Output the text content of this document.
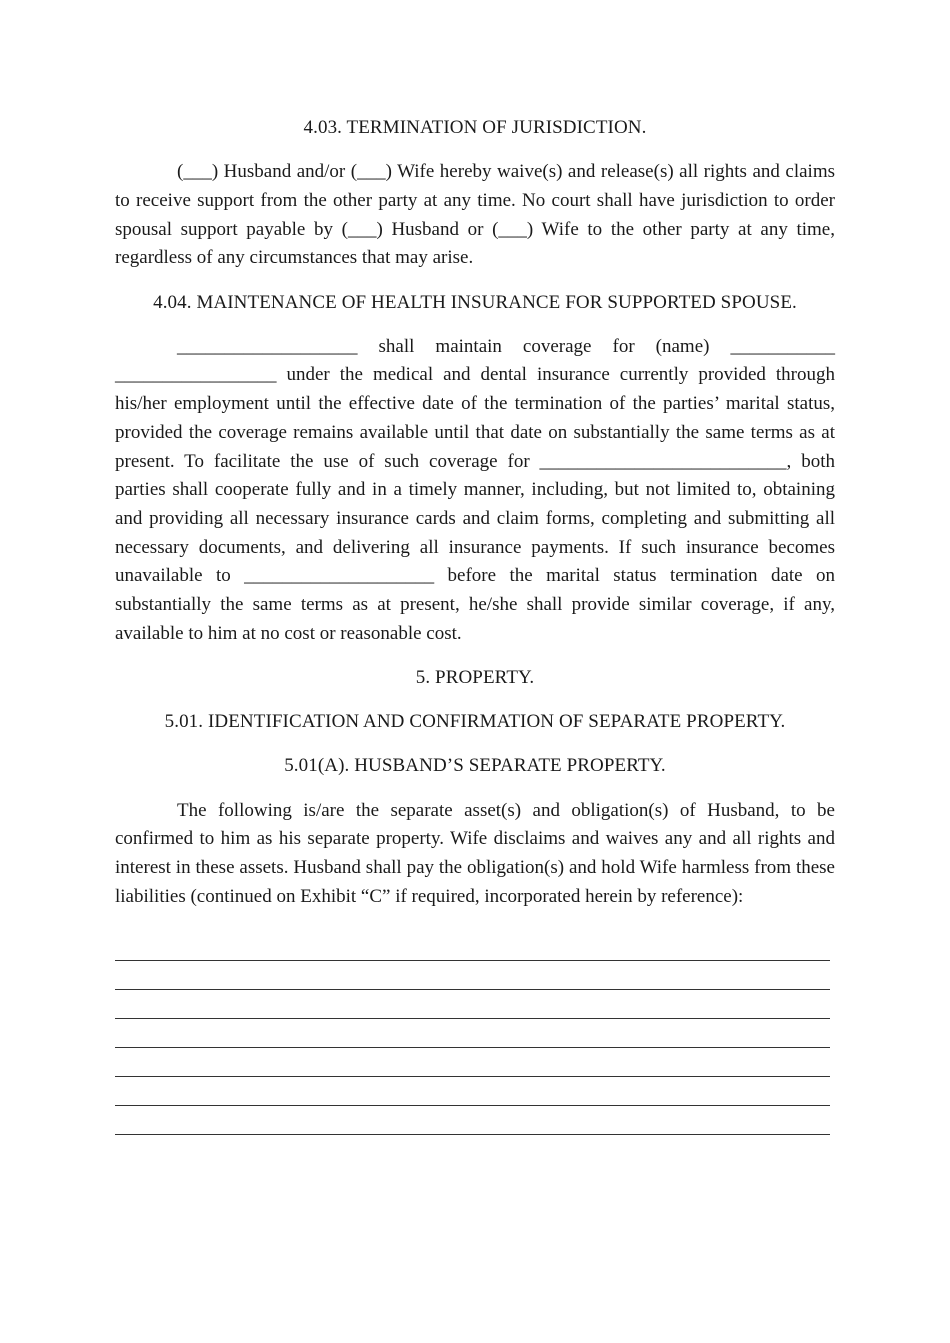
4.03. TERMINATION OF JURISDICTION.

(___) Husband and/or (___) Wife hereby waive(s) and release(s) all rights and claims to receive support from the other party at any time. No court shall have jurisdiction to order spousal support payable by (___) Husband or (___) Wife to the other party at any time, regardless of any circumstances that may arise.

4.04. MAINTENANCE OF HEALTH INSURANCE FOR SUPPORTED SPOUSE.

___________________ shall maintain coverage for (name) ___________ _________________ under the medical and dental insurance currently provided through his/her employment until the effective date of the termination of the parties’ marital status, provided the coverage remains available until that date on substantially the same terms as at present. To facilitate the use of such coverage for __________________________, both parties shall cooperate fully and in a timely manner, including, but not limited to, obtaining and providing all necessary insurance cards and claim forms, completing and submitting all necessary documents, and delivering all insurance payments. If such insurance becomes unavailable to ____________________ before the marital status termination date on substantially the same terms as at present, he/she shall provide similar coverage, if any, available to him at no cost or reasonable cost.

5. PROPERTY.
5.01. IDENTIFICATION AND CONFIRMATION OF SEPARATE PROPERTY.
5.01(A). HUSBAND’S SEPARATE PROPERTY.

The following is/are the separate asset(s) and obligation(s) of Husband, to be confirmed to him as his separate property. Wife disclaims and waives any and all rights and interest in these assets. Husband shall pay the obligation(s) and hold Wife harmless from these liabilities (continued on Exhibit “C” if required, incorporated herein by reference):
